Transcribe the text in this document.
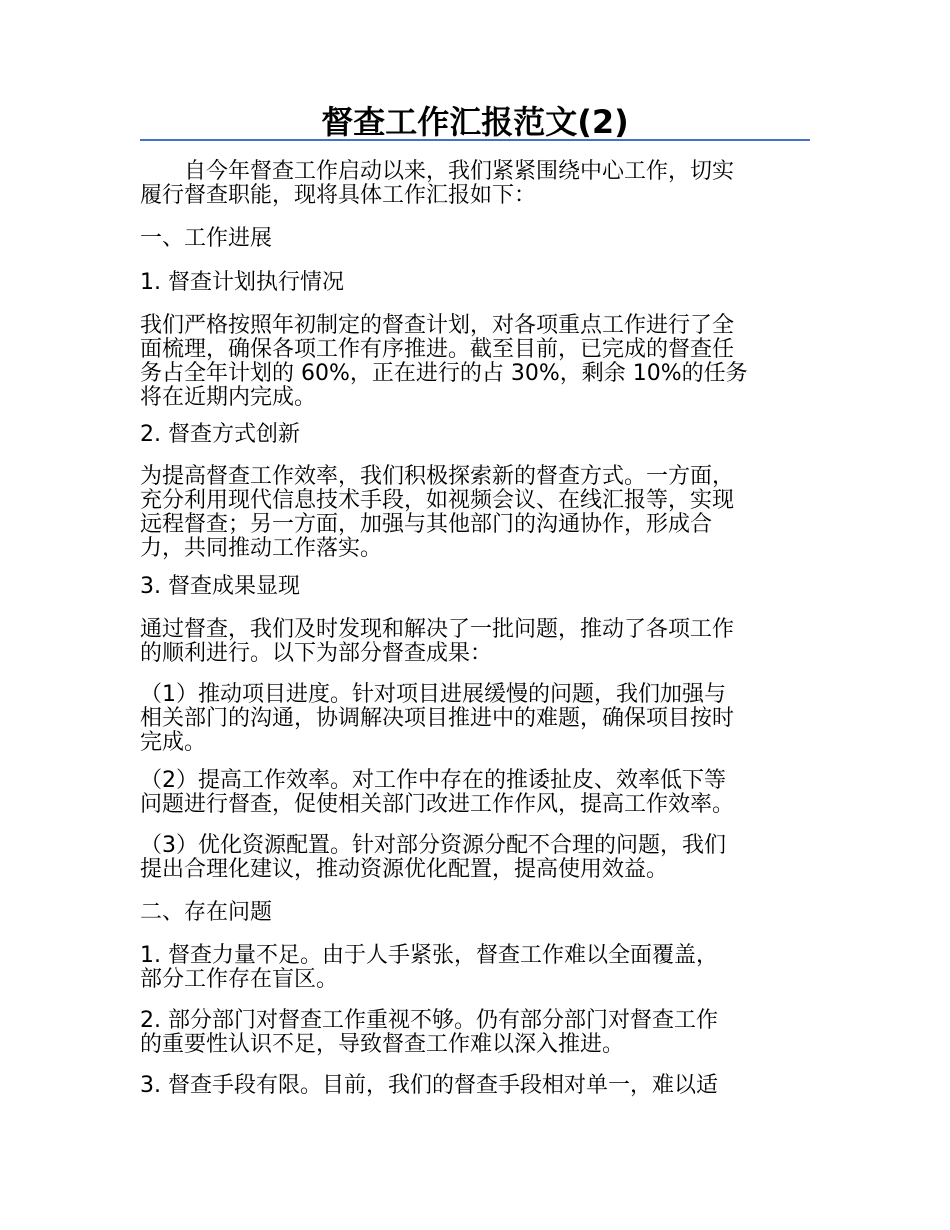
督查工作汇报范文(2)

　　自今年督查工作启动以来，我们紧紧围绕中心工作，切实
履行督查职能，现将具体工作汇报如下：

一、工作进展

1. 督查计划执行情况

我们严格按照年初制定的督查计划，对各项重点工作进行了全
面梳理，确保各项工作有序推进。截至目前，已完成的督查任
务占全年计划的 60%，正在进行的占 30%，剩余 10%的任务
将在近期内完成。

2. 督查方式创新

为提高督查工作效率，我们积极探索新的督查方式。一方面，
充分利用现代信息技术手段，如视频会议、在线汇报等，实现
远程督查；另一方面，加强与其他部门的沟通协作，形成合
力，共同推动工作落实。

3. 督查成果显现

通过督查，我们及时发现和解决了一批问题，推动了各项工作
的顺利进行。以下为部分督查成果：

（1）推动项目进度。针对项目进展缓慢的问题，我们加强与
相关部门的沟通，协调解决项目推进中的难题，确保项目按时
完成。

（2）提高工作效率。对工作中存在的推诿扯皮、效率低下等
问题进行督查，促使相关部门改进工作作风，提高工作效率。

（3）优化资源配置。针对部分资源分配不合理的问题，我们
提出合理化建议，推动资源优化配置，提高使用效益。

二、存在问题

1. 督查力量不足。由于人手紧张，督查工作难以全面覆盖，
部分工作存在盲区。

2. 部分部门对督查工作重视不够。仍有部分部门对督查工作
的重要性认识不足，导致督查工作难以深入推进。

3. 督查手段有限。目前，我们的督查手段相对单一，难以适
